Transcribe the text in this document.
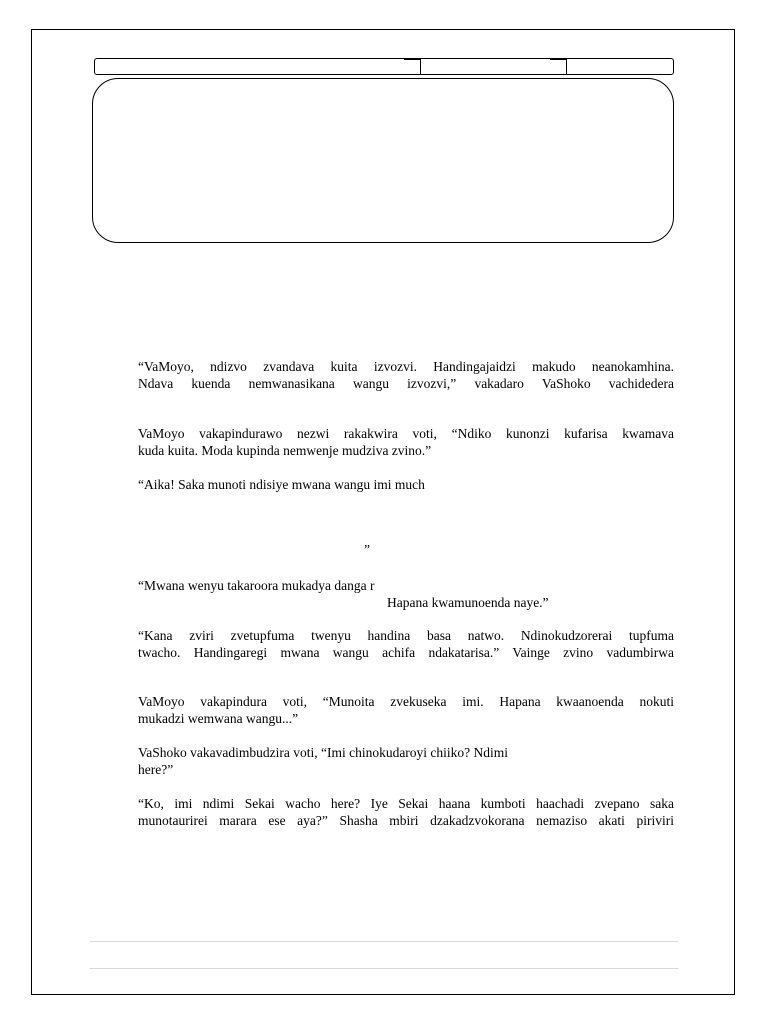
“VaMoyo, ndizvo zvandava kuita izvozvi. Handingajaidzi makudo neanokamhina.
Ndava kuenda nemwanasikana wangu izvozvi,” vakadaro VaShoko vachidedera
VaMoyo vakapindurawo nezwi rakakwira voti, “Ndiko kunonzi kufarisa kwamava
kuda kuita. Moda kupinda nemwenje mudziva zvino.”
“Aika! Saka munoti ndisiye mwana wangu imi much
”
“Mwana wenyu takaroora mukadya danga r
Hapana kwamunoenda naye.”
“Kana zviri zvetupfuma twenyu handina basa natwo. Ndinokudzorerai tupfuma
twacho. Handingaregi mwana wangu achifa ndakatarisa.” Vainge zvino vadumbirwa
VaMoyo vakapindura voti, “Munoita zvekuseka imi. Hapana kwaanoenda nokuti
mukadzi wemwana wangu...”
VaShoko vakavadimbudzira voti, “Imi chinokudaroyi chiiko? Ndimi
here?”
“Ko, imi ndimi Sekai wacho here? Iye Sekai haana kumboti haachadi zvepano saka
munotaurirei marara ese aya?” Shasha mbiri dzakadzvokorana nemaziso akati piriviri
